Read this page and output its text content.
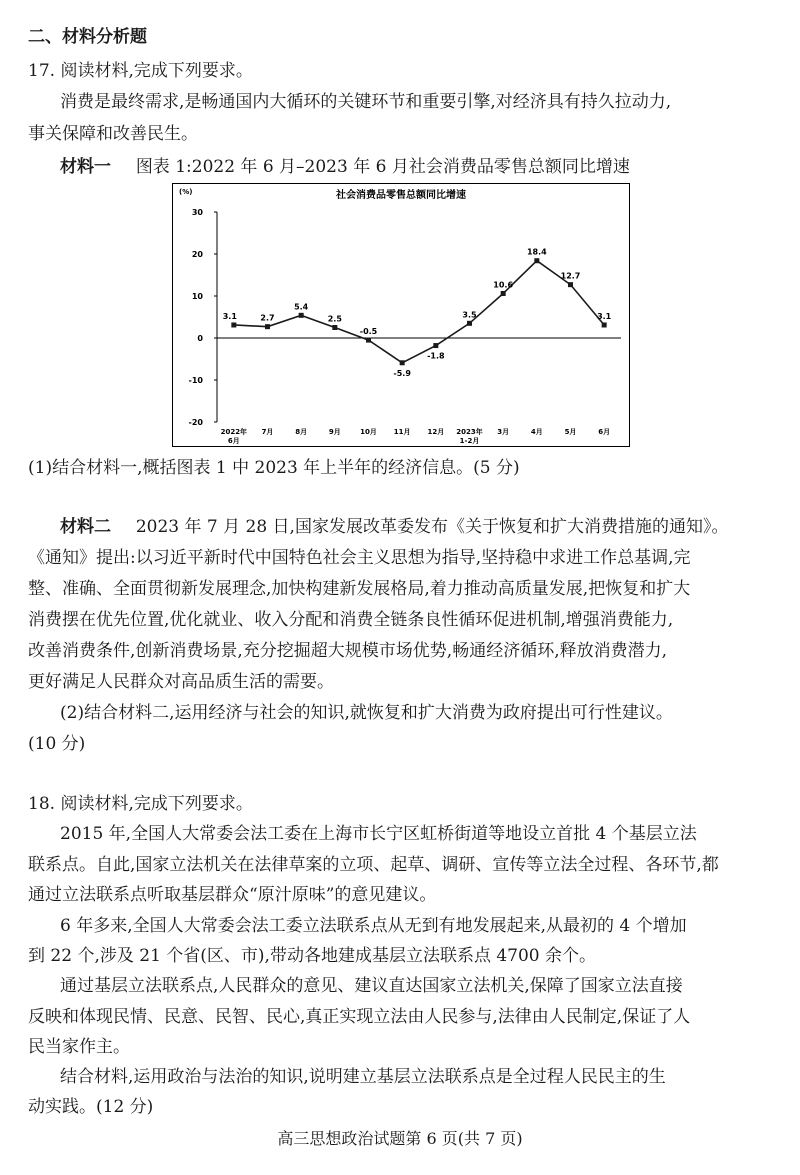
二、材料分析题
17. 阅读材料,完成下列要求。
消费是最终需求,是畅通国内大循环的关键环节和重要引擎,对经济具有持久拉动力,
事关保障和改善民生。
材料一 图表 1:2022 年 6 月–2023 年 6 月社会消费品零售总额同比增速
社会消费品零售总额同比增速
(%)
-20
-10
0
10
20
30
2022年
6月
7月	8月	9月	10月 11月 12月 2023年
1-2月
3月	4月	5月	6月
3.1	2.7
5.4
2.5
-0.5
-5.9
-1.8
3.5
10.6
18.4
12.7
3.1
(1)结合材料一,概括图表 1 中 2023 年上半年的经济信息。(5 分)
材料二 2023 年 7 月 28 日,国家发展改革委发布《关于恢复和扩大消费措施的通知》。
《通知》提出:以习近平新时代中国特色社会主义思想为指导,坚持稳中求进工作总基调,完
整、准确、全面贯彻新发展理念,加快构建新发展格局,着力推动高质量发展,把恢复和扩大
消费摆在优先位置,优化就业、收入分配和消费全链条良性循环促进机制,增强消费能力,
改善消费条件,创新消费场景,充分挖掘超大规模市场优势,畅通经济循环,释放消费潜力,
更好满足人民群众对高品质生活的需要。
(2)结合材料二,运用经济与社会的知识,就恢复和扩大消费为政府提出可行性建议。
(10 分)
18. 阅读材料,完成下列要求。
2015 年,全国人大常委会法工委在上海市长宁区虹桥街道等地设立首批 4 个基层立法
联系点。自此,国家立法机关在法律草案的立项、起草、调研、宣传等立法全过程、各环节,都
通过立法联系点听取基层群众“原汁原味”的意见建议。
6 年多来,全国人大常委会法工委立法联系点从无到有地发展起来,从最初的 4 个增加
到 22 个,涉及 21 个省(区、市),带动各地建成基层立法联系点 4700 余个。
通过基层立法联系点,人民群众的意见、建议直达国家立法机关,保障了国家立法直接
反映和体现民情、民意、民智、民心,真正实现立法由人民参与,法律由人民制定,保证了人
民当家作主。
结合材料,运用政治与法治的知识,说明建立基层立法联系点是全过程人民民主的生
动实践。(12 分)
高三思想政治试题第 6 页(共 7 页)
